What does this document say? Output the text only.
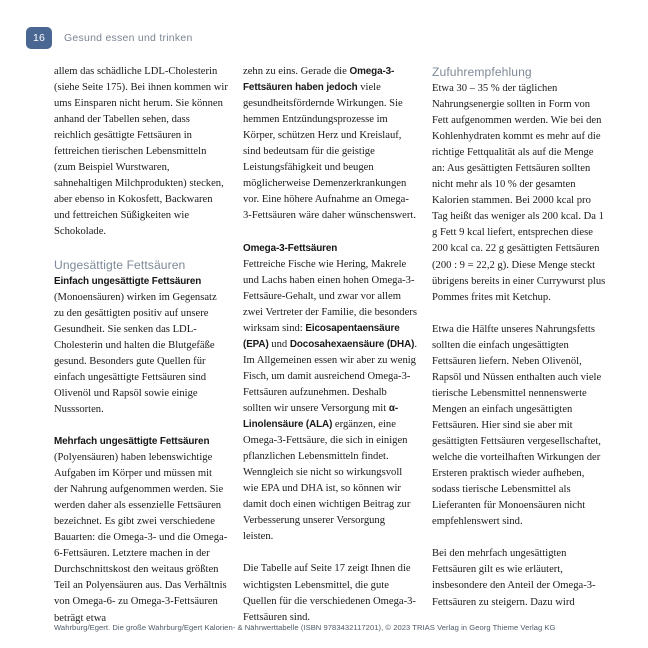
16	Gesund essen und trinken

allem das schädliche LDL-Cholesterin (siehe Seite 175). Bei ihnen kommen wir ums Einsparen nicht herum. Sie können anhand der Tabellen sehen, dass reichlich gesättigte Fettsäuren in fettreichen tierischen Lebensmitteln (zum Beispiel Wurstwaren, sahnehaltigen Milchprodukten) stecken, aber ebenso in Kokosfett, Backwaren und fettreichen Süßigkeiten wie Schokolade.

Ungesättigte Fettsäuren
Einfach ungesättigte Fettsäuren

(Monoensäuren) wirken im Gegensatz zu den gesättigten positiv auf unsere Gesundheit. Sie senken das LDL-Cholesterin und halten die Blutgefäße gesund. Besonders gute Quellen für einfach ungesättigte Fettsäuren sind Olivenöl und Rapsöl sowie einige Nusssorten.

Mehrfach ungesättigte Fettsäuren

(Polyensäuren) haben lebenswichtige Aufgaben im Körper und müssen mit der Nahrung aufgenommen werden. Sie werden daher als essenzielle Fettsäuren bezeichnet. Es gibt zwei verschiedene Bauarten: die Omega-3- und die Omega-6-Fettsäuren. Letztere machen in der Durchschnittskost den weitaus größten Teil an Polyensäuren aus. Das Verhältnis von Omega-6- zu Omega-3-Fettsäuren beträgt etwa

zehn zu eins. Gerade die Omega-3-Fettsäuren haben jedoch viele gesundheitsfördernde Wirkungen. Sie hemmen Entzündungsprozesse im Körper, schützen Herz und Kreislauf, sind bedeutsam für die geistige Leistungsfähigkeit und beugen möglicherweise Demenzerkrankungen vor. Eine höhere Aufnahme an Omega-3-Fettsäuren wäre daher wünschenswert.

Omega-3-Fettsäuren

Fettreiche Fische wie Hering, Makrele und Lachs haben einen hohen Omega-3-Fettsäure-Gehalt, und zwar vor allem zwei Vertreter der Familie, die besonders wirksam sind: Eicosapentaensäure (EPA) und Docosahexaensäure (DHA). Im Allgemeinen essen wir aber zu wenig Fisch, um damit ausreichend Omega-3-Fettsäuren aufzunehmen. Deshalb sollten wir unsere Versorgung mit α-Linolensäure (ALA) ergänzen, eine Omega-3-Fettsäure, die sich in einigen pflanzlichen Lebensmitteln findet. Wenngleich sie nicht so wirkungsvoll wie EPA und DHA ist, so können wir damit doch einen wichtigen Beitrag zur Verbesserung unserer Versorgung leisten.

Die Tabelle auf Seite 17 zeigt Ihnen die wichtigsten Lebensmittel, die gute Quellen für die verschiedenen Omega-3-Fettsäuren sind.

Zufuhrempfehlung

Etwa 30 – 35 % der täglichen Nahrungsenergie sollten in Form von Fett aufgenommen werden. Wie bei den Kohlenhydraten kommt es mehr auf die richtige Fettqualität als auf die Menge an: Aus gesättigten Fettsäuren sollten nicht mehr als 10 % der gesamten Kalorien stammen. Bei 2000 kcal pro Tag heißt das weniger als 200 kcal. Da 1 g Fett 9 kcal liefert, entsprechen diese 200 kcal ca. 22 g gesättigten Fettsäuren (200 : 9 = 22,2 g). Diese Menge steckt übrigens bereits in einer Currywurst plus Pommes frites mit Ketchup.

Etwa die Hälfte unseres Nahrungsfetts sollten die einfach ungesättigten Fettsäuren liefern. Neben Olivenöl, Rapsöl und Nüssen enthalten auch viele tierische Lebensmittel nennenswerte Mengen an einfach ungesättigten Fettsäuren. Hier sind sie aber mit gesättigten Fettsäuren vergesellschaftet, welche die vorteilhaften Wirkungen der Ersteren praktisch wieder aufheben, sodass tierische Lebensmittel als Lieferanten für Monoensäuren nicht empfehlenswert sind.

Bei den mehrfach ungesättigten Fettsäuren gilt es wie erläutert, insbesondere den Anteil der Omega-3-Fettsäuren zu steigern. Dazu wird

Wahrburg/Egert. Die große Wahrburg/Egert Kalorien- & Nährwerttabelle (ISBN 9783432117201), © 2023 TRIAS Verlag in Georg Thieme Verlag KG
